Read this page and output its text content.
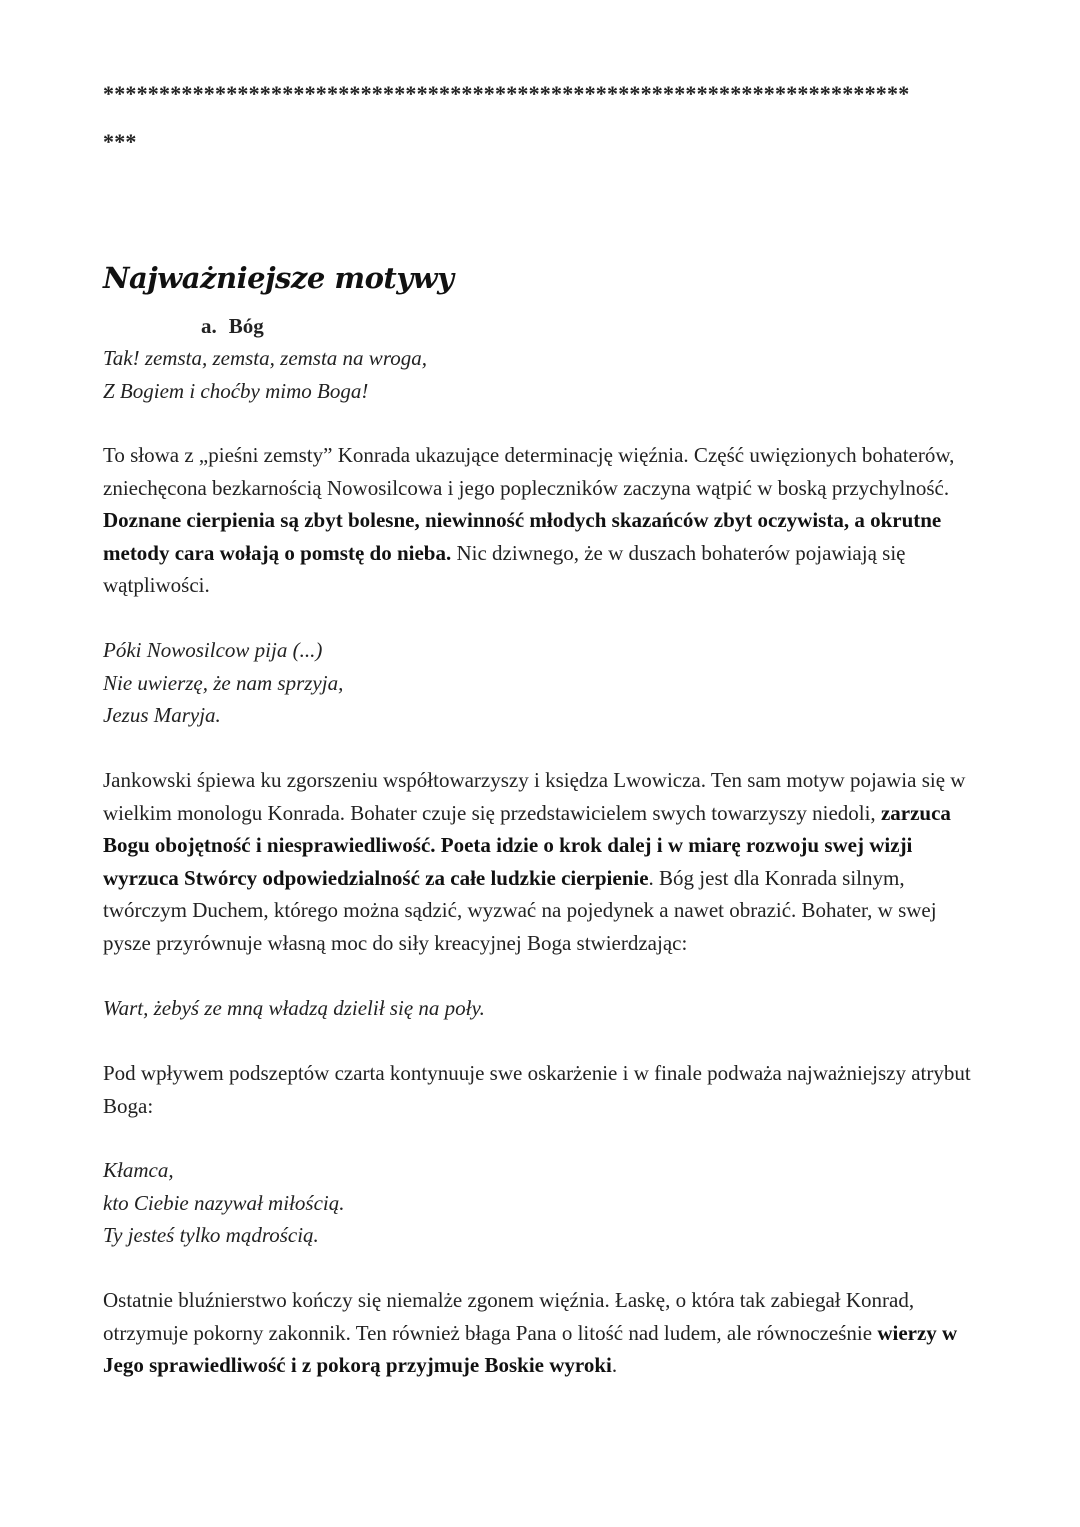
************************************************************************
***
Najważniejsze motywy
a. Bóg
Tak! zemsta, zemsta, zemsta na wroga,
Z Bogiem i choćby mimo Boga!

To słowa z „pieśni zemsty” Konrada ukazujące determinację więźnia. Część uwięzionych bohaterów, zniechęcona bezkarnością Nowosilcowa i jego popleczników zaczyna wątpić w boską przychylność. Doznane cierpienia są zbyt bolesne, niewinność młodych skazańców zbyt oczywista, a okrutne metody cara wołają o pomstę do nieba. Nic dziwnego, że w duszach bohaterów pojawiają się wątpliwości.

Póki Nowosilcow pija (...)
Nie uwierzę, że nam sprzyja,
Jezus Maryja.

Jankowski śpiewa ku zgorszeniu współtowarzyszy i księdza Lwowicza. Ten sam motyw pojawia się w wielkim monologu Konrada. Bohater czuje się przedstawicielem swych towarzyszy niedoli, zarzuca Bogu obojętność i niesprawiedliwość. Poeta idzie o krok dalej i w miarę rozwoju swej wizji wyrzuca Stwórcy odpowiedzialność za całe ludzkie cierpienie. Bóg jest dla Konrada silnym, twórczym Duchem, którego można sądzić, wyzwać na pojedynek a nawet obrazić. Bohater, w swej pysze przyrównuje własną moc do siły kreacyjnej Boga stwierdzając:

Wart, żebyś ze mną władzą dzielił się na poły.

Pod wpływem podszeptów czarta kontynuuje swe oskarżenie i w finale podważa najważniejszy atrybut Boga:

Kłamca,
kto Ciebie nazywał miłością.
Ty jesteś tylko mądrością.

Ostatnie bluźnierstwo kończy się niemalże zgonem więźnia. Łaskę, o która tak zabiegał Konrad, otrzymuje pokorny zakonnik. Ten również błaga Pana o litość nad ludem, ale równocześnie wierzy w Jego sprawiedliwość i z pokorą przyjmuje Boskie wyroki.
